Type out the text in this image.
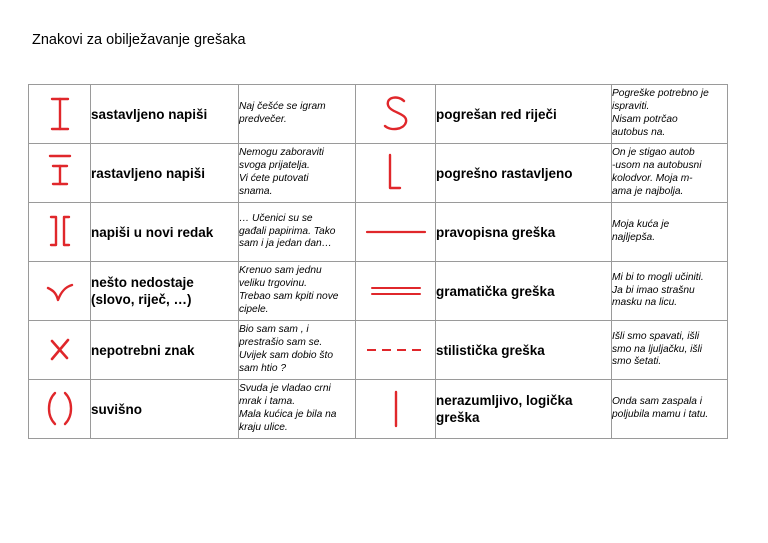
Znakovi za obilježavanje grešaka
	sastavljeno napiši	Naj češće se igram
predvečer.		pogrešan red riječi	Pogreške potrebno je
ispraviti.
Nisam potrčao
autobus na.

	rastavljeno napiši	Nemogu zaboraviti
svoga prijatelja.
Vi ćete putovati
snama.		pogrešno rastavljeno	On je stigao autob
-usom na autobusni
kolodvor. Moja m-
ama je najbolja.

	napiši u novi redak	… Učenici su se
gađali papirima. Tako
sam i ja jedan dan…		pravopisna greška	Moja kuća je
najljepša.

	nešto nedostaje (slovo, riječ, …)	Krenuo sam jednu
veliku trgovinu.
Trebao sam kpiti nove
cipele.		gramatička greška	Mi bi to mogli učiniti.
Ja bi imao strašnu
masku na licu.

	nepotrebni znak	Bio sam sam , i
prestrašio sam se.
Uvijek sam dobio što
sam htio ?		stilistička greška	Išli smo spavati, išli
smo na ljuljačku, išli
smo šetati.

	suvišno	Svuda je vladao crni
mrak i tama.
Mala kućica je bila na
kraju ulice.		nerazumljivo, logička greška	Onda sam zaspala i
poljubila mamu i tatu.
